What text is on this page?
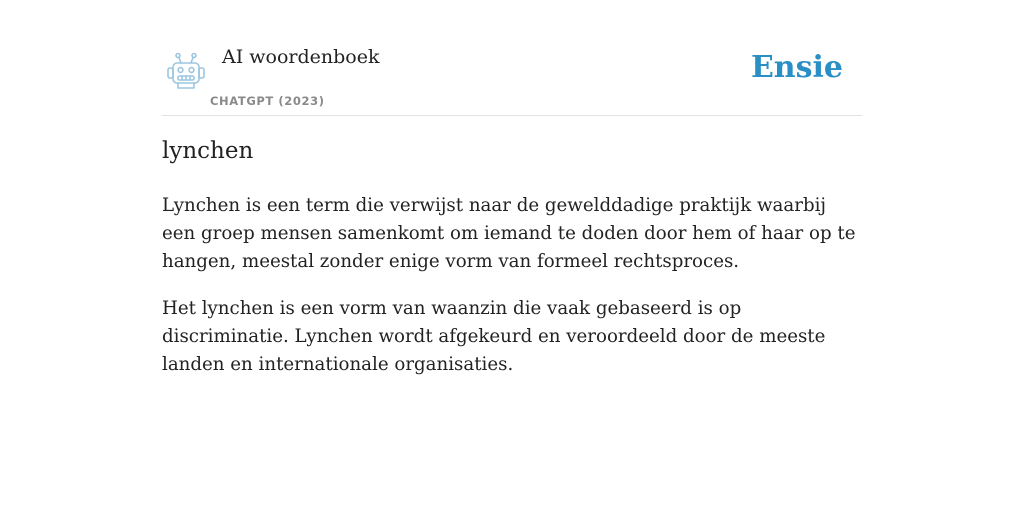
AI woordenboek
CHATGPT (2023)
Ensie
lynchen

Lynchen is een term die verwijst naar de gewelddadige praktijk waarbij een groep mensen samenkomt om iemand te doden door hem of haar op te hangen, meestal zonder enige vorm van formeel rechtsproces.

Het lynchen is een vorm van waanzin die vaak gebaseerd is op discriminatie. Lynchen wordt afgekeurd en veroordeeld door de meeste landen en internationale organisaties.
